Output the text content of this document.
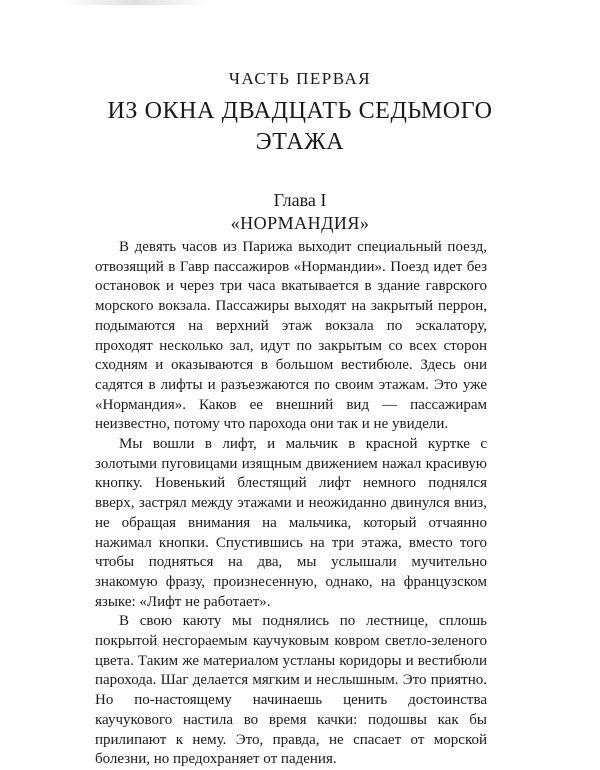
ЧАСТЬ ПЕРВАЯ
ИЗ ОКНА ДВАДЦАТЬ СЕДЬМОГО ЭТАЖА
Глава I
«НОРМАНДИЯ»

В девять часов из Парижа выходит специальный поезд, отвозящий в Гавр пассажиров «Нормандии». Поезд идет без остановок и через три часа вкатывается в здание гаврского морского вокзала. Пассажиры выходят на закрытый перрон, подымаются на верхний этаж вокзала по эскалатору, проходят несколько зал, идут по закрытым со всех сторон сходням и оказываются в большом вестибюле. Здесь они садятся в лифты и разъезжаются по своим этажам. Это уже «Нормандия». Каков ее внешний вид — пассажирам неизвестно, потому что парохода они так и не увидели.

Мы вошли в лифт, и мальчик в красной куртке с золотыми пуговицами изящным движением нажал красивую кнопку. Новенький блестящий лифт немного поднялся вверх, застрял между этажами и неожиданно двинулся вниз, не обращая внимания на мальчика, который отчаянно нажимал кнопки. Спустившись на три этажа, вместо того чтобы подняться на два, мы услышали мучительно знакомую фразу, произнесенную, однако, на французском языке: «Лифт не работает».

В свою каюту мы поднялись по лестнице, сплошь покрытой несгораемым каучуковым ковром светло-зеленого цвета. Таким же материалом устланы коридоры и вестибюли парохода. Шаг делается мягким и неслышным. Это приятно. Но по-настоящему начинаешь ценить достоинства каучукового настила во время качки: подошвы как бы прилипают к нему. Это, правда, не спасает от морской болезни, но предохраняет от падения.
